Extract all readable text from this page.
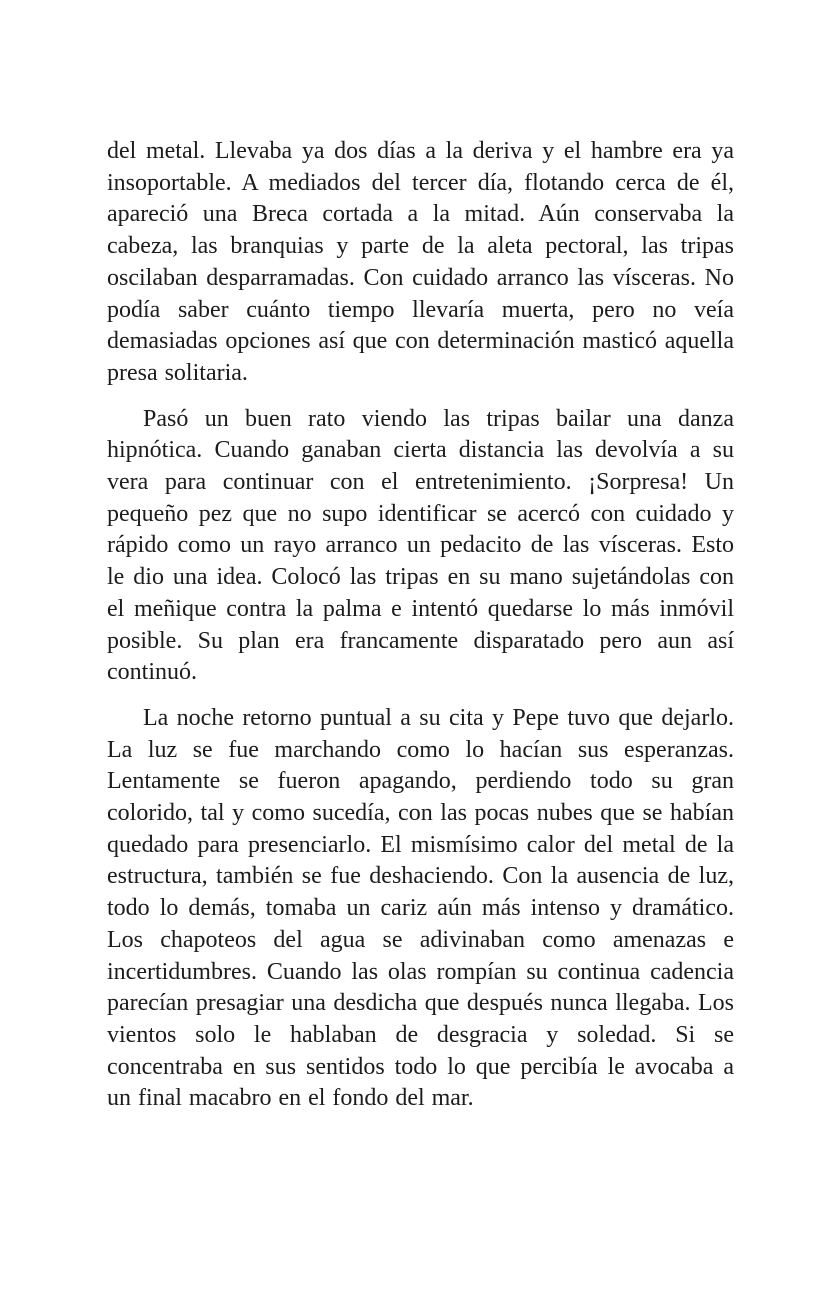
del metal. Llevaba ya dos días a la deriva y el hambre era ya insoportable. A mediados del tercer día, flotando cerca de él, apareció una Breca cortada a la mitad. Aún conservaba la cabeza, las branquias y parte de la aleta pectoral, las tripas oscilaban desparramadas. Con cuidado arranco las vísceras. No podía saber cuánto tiempo llevaría muerta, pero no veía demasiadas opciones así que con determinación masticó aquella presa solitaria.

Pasó un buen rato viendo las tripas bailar una danza hipnótica. Cuando ganaban cierta distancia las devolvía a su vera para continuar con el entretenimiento. ¡Sorpresa! Un pequeño pez que no supo identificar se acercó con cuidado y rápido como un rayo arranco un pedacito de las vísceras. Esto le dio una idea. Colocó las tripas en su mano sujetándolas con el meñique contra la palma e intentó quedarse lo más inmóvil posible. Su plan era francamente disparatado pero aun así continuó.

La noche retorno puntual a su cita y Pepe tuvo que dejarlo. La luz se fue marchando como lo hacían sus esperanzas. Lentamente se fueron apagando, perdiendo todo su gran colorido, tal y como sucedía, con las pocas nubes que se habían quedado para presenciarlo. El mismísimo calor del metal de la estructura, también se fue deshaciendo. Con la ausencia de luz, todo lo demás, tomaba un cariz aún más intenso y dramático. Los chapoteos del agua se adivinaban como amenazas e incertidumbres. Cuando las olas rompían su continua cadencia parecían presagiar una desdicha que después nunca llegaba. Los vientos solo le hablaban de desgracia y soledad. Si se concentraba en sus sentidos todo lo que percibía le avocaba a un final macabro en el fondo del mar.
